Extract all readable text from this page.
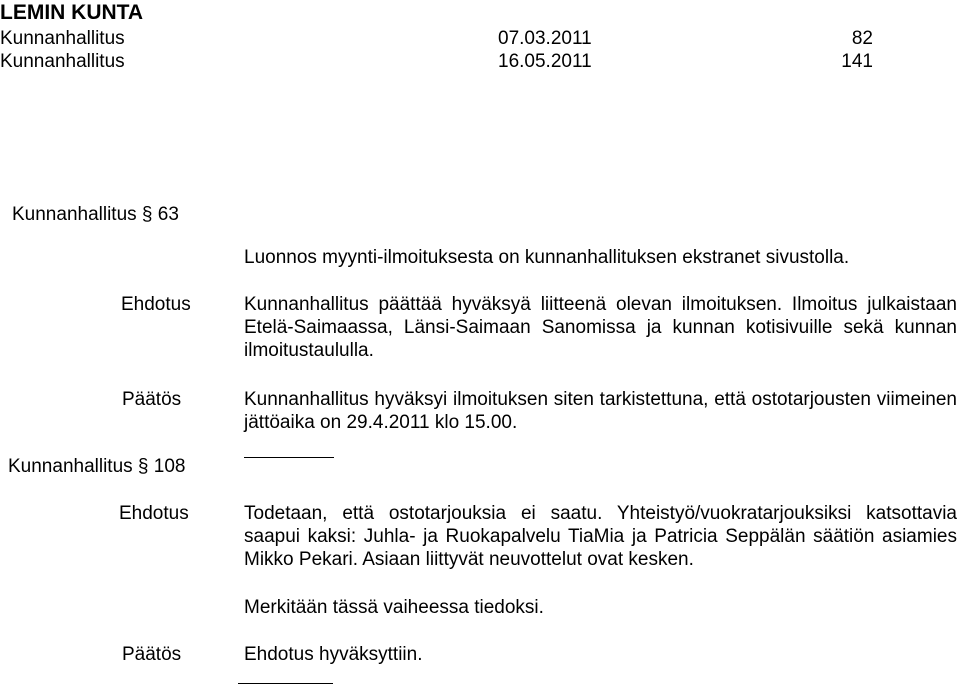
LEMIN KUNTA
Kunnanhallitus	07.03.2011	82
Kunnanhallitus	16.05.2011	141
Kunnanhallitus § 63
Luonnos myynti-ilmoituksesta on kunnanhallituksen ekstranet sivustolla.
Ehdotus	Kunnanhallitus päättää hyväksyä liitteenä olevan ilmoituksen. Ilmoitus julkaistaan Etelä-Saimaassa, Länsi-Saimaan Sanomissa ja kunnan kotisivuille sekä kunnan ilmoitustaululla.
Päätös	Kunnanhallitus hyväksyi ilmoituksen siten tarkistettuna, että ostotarjousten viimeinen jättöaika on 29.4.2011 klo 15.00.
Kunnanhallitus § 108
Ehdotus	Todetaan, että ostotarjouksia ei saatu. Yhteistyö/vuokratarjouksiksi katsottavia saapui kaksi: Juhla- ja Ruokapalvelu TiaMia ja Patricia Seppälän säätiön asiamies Mikko Pekari. Asiaan liittyvät neuvottelut ovat kesken.
Merkitään tässä vaiheessa tiedoksi.
Päätös	Ehdotus hyväksyttiin.
